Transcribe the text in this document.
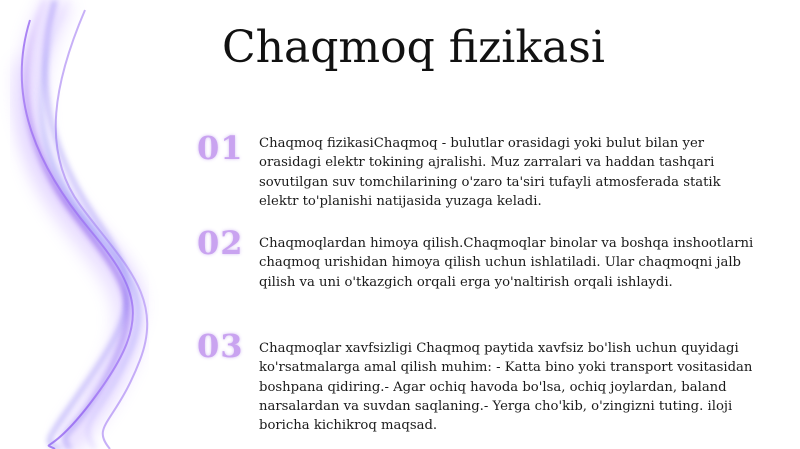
Chaqmoq fizikasi
01 Chaqmoq fizikasiChaqmoq - bulutlar orasidagi yoki bulut bilan yer orasidagi elektr tokining ajralishi. Muz zarralari va haddan tashqari sovutilgan suv tomchilarining o'zaro ta'siri tufayli atmosferada statik elektr to'planishi natijasida yuzaga keladi.

02 Chaqmoqlardan himoya qilish.Chaqmoqlar binolar va boshqa inshootlarni chaqmoq urishidan himoya qilish uchun ishlatiladi. Ular chaqmoqni jalb qilish va uni o'tkazgich orqali erga yo'naltirish orqali ishlaydi.

03 Chaqmoqlar xavfsizligi Chaqmoq paytida xavfsiz bo'lish uchun quyidagi ko'rsatmalarga amal qilish muhim: - Katta bino yoki transport vositasidan boshpana qidiring.- Agar ochiq havoda bo'lsa, ochiq joylardan, baland narsalardan va suvdan saqlaning.- Yerga cho'kib, o'zingizni tuting. iloji boricha kichikroq maqsad.
